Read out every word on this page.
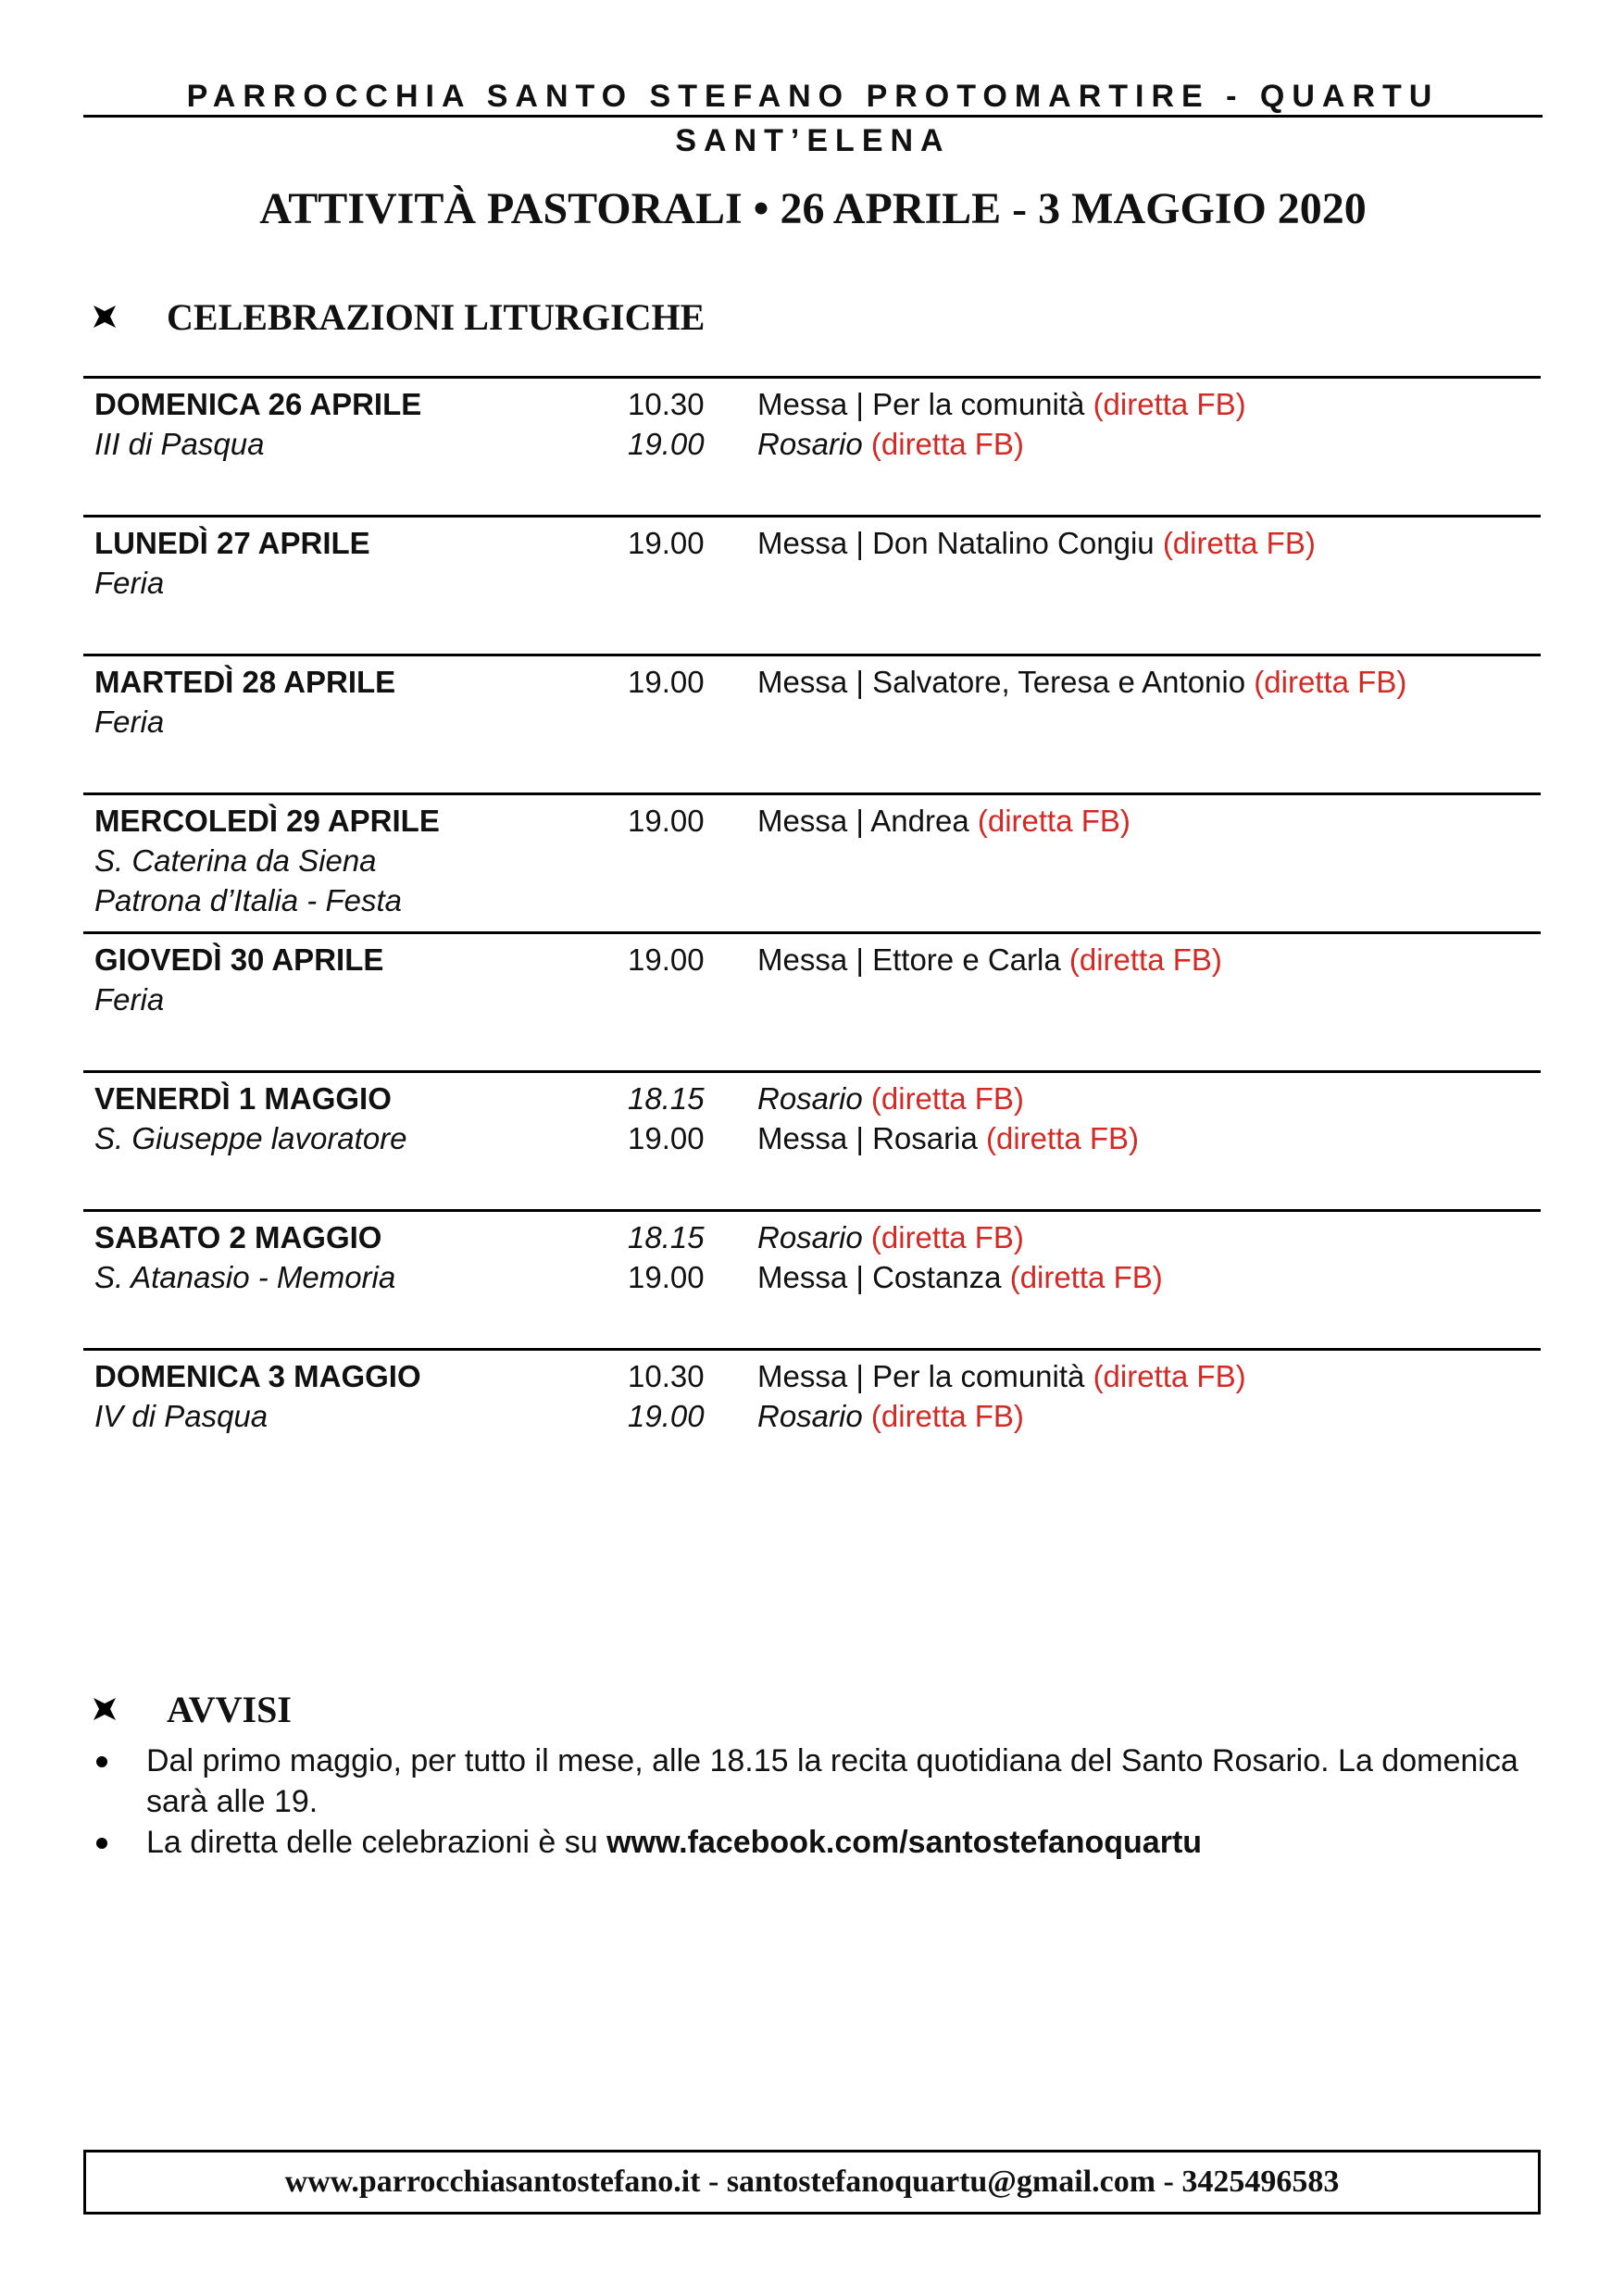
PARROCCHIA SANTO STEFANO PROTOMARTIRE - QUARTU SANT’ELENA
ATTIVITÀ PASTORALI • 26 APRILE - 3 MAGGIO 2020
CELEBRAZIONI LITURGICHE
DOMENICA 26 APRILE
III di Pasqua
10.30	Messa | Per la comunità (diretta FB)
19.00	Rosario (diretta FB)
LUNEDÌ 27 APRILE
Feria
19.00	Messa | Don Natalino Congiu (diretta FB)
MARTEDÌ 28 APRILE
Feria
19.00	Messa | Salvatore, Teresa e Antonio (diretta FB)
MERCOLEDÌ 29 APRILE
S. Caterina da Siena
Patrona d’Italia - Festa
19.00	Messa | Andrea (diretta FB)
GIOVEDÌ 30 APRILE
Feria
19.00	Messa | Ettore e Carla (diretta FB)
VENERDÌ 1 MAGGIO
S. Giuseppe lavoratore
18.15	Rosario (diretta FB)
19.00	Messa | Rosaria (diretta FB)
SABATO 2 MAGGIO
S. Atanasio - Memoria
18.15	Rosario (diretta FB)
19.00	Messa | Costanza (diretta FB)
DOMENICA 3 MAGGIO
IV di Pasqua
10.30	Messa | Per la comunità (diretta FB)
19.00	Rosario (diretta FB)
AVVISI
Dal primo maggio, per tutto il mese, alle 18.15 la recita quotidiana del Santo Rosario. La domenica sarà alle 19.
La diretta delle celebrazioni è su www.facebook.com/santostefanoquartu
www.parrocchiasantostefano.it - santostefanoquartu@gmail.com - 3425496583
